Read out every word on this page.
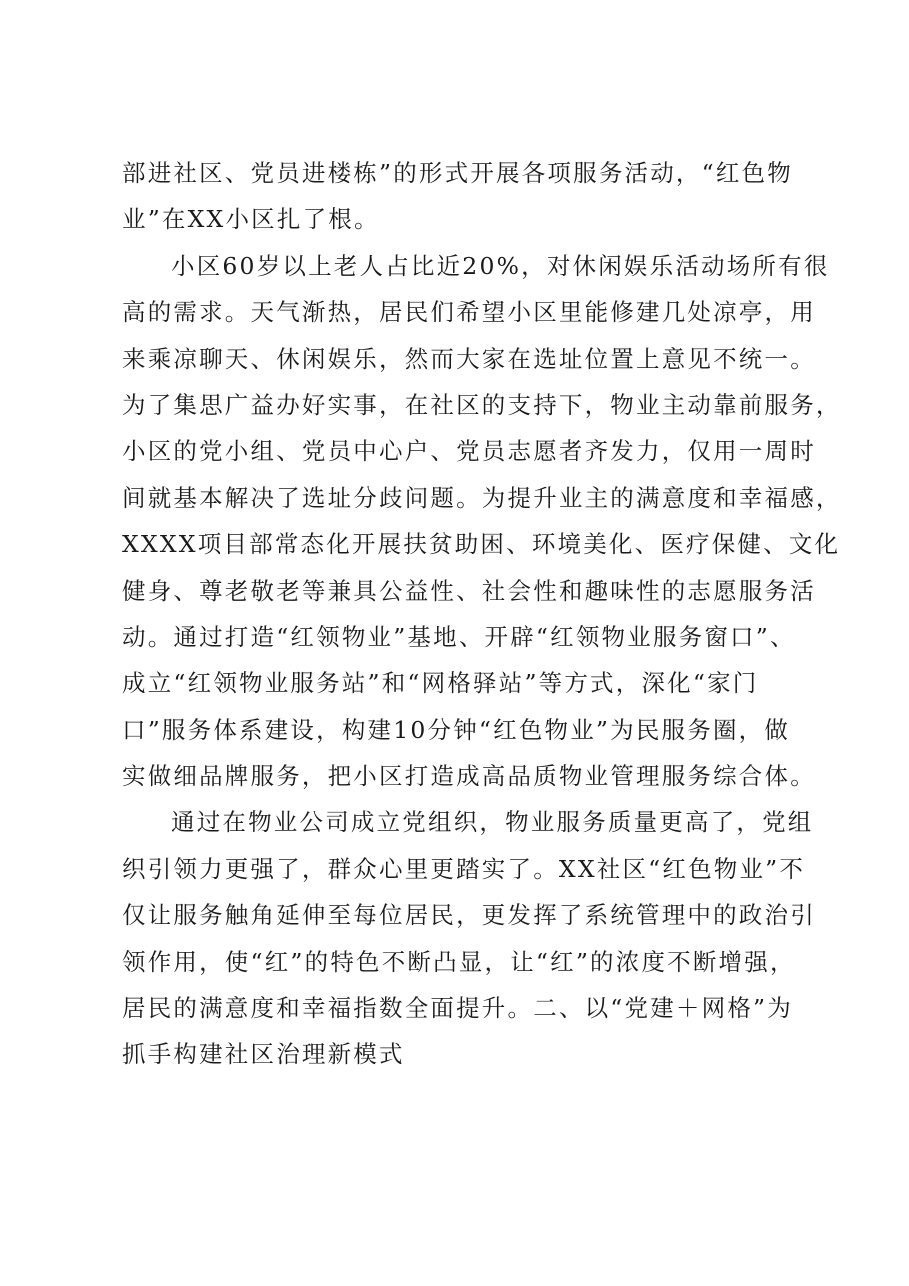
部进社区、党员进楼栋”的形式开展各项服务活动，“红色物
业”在XX小区扎了根。
小区60岁以上老人占比近20%，对休闲娱乐活动场所有很
高的需求。天气渐热，居民们希望小区里能修建几处凉亭，用
来乘凉聊天、休闲娱乐，然而大家在选址位置上意见不统一。
为了集思广益办好实事，在社区的支持下，物业主动靠前服务，
小区的党小组、党员中心户、党员志愿者齐发力，仅用一周时
间就基本解决了选址分歧问题。为提升业主的满意度和幸福感，
XXXX项目部常态化开展扶贫助困、环境美化、医疗保健、文化
健身、尊老敬老等兼具公益性、社会性和趣味性的志愿服务活
动。通过打造“红领物业”基地、开辟“红领物业服务窗口”、
成立“红领物业服务站”和“网格驿站”等方式，深化“家门
口”服务体系建设，构建10分钟“红色物业”为民服务圈，做
实做细品牌服务，把小区打造成高品质物业管理服务综合体。
通过在物业公司成立党组织，物业服务质量更高了，党组
织引领力更强了，群众心里更踏实了。XX社区“红色物业”不
仅让服务触角延伸至每位居民，更发挥了系统管理中的政治引
领作用，使“红”的特色不断凸显，让“红”的浓度不断增强，
居民的满意度和幸福指数全面提升。二、以“党建＋网格”为
抓手构建社区治理新模式
